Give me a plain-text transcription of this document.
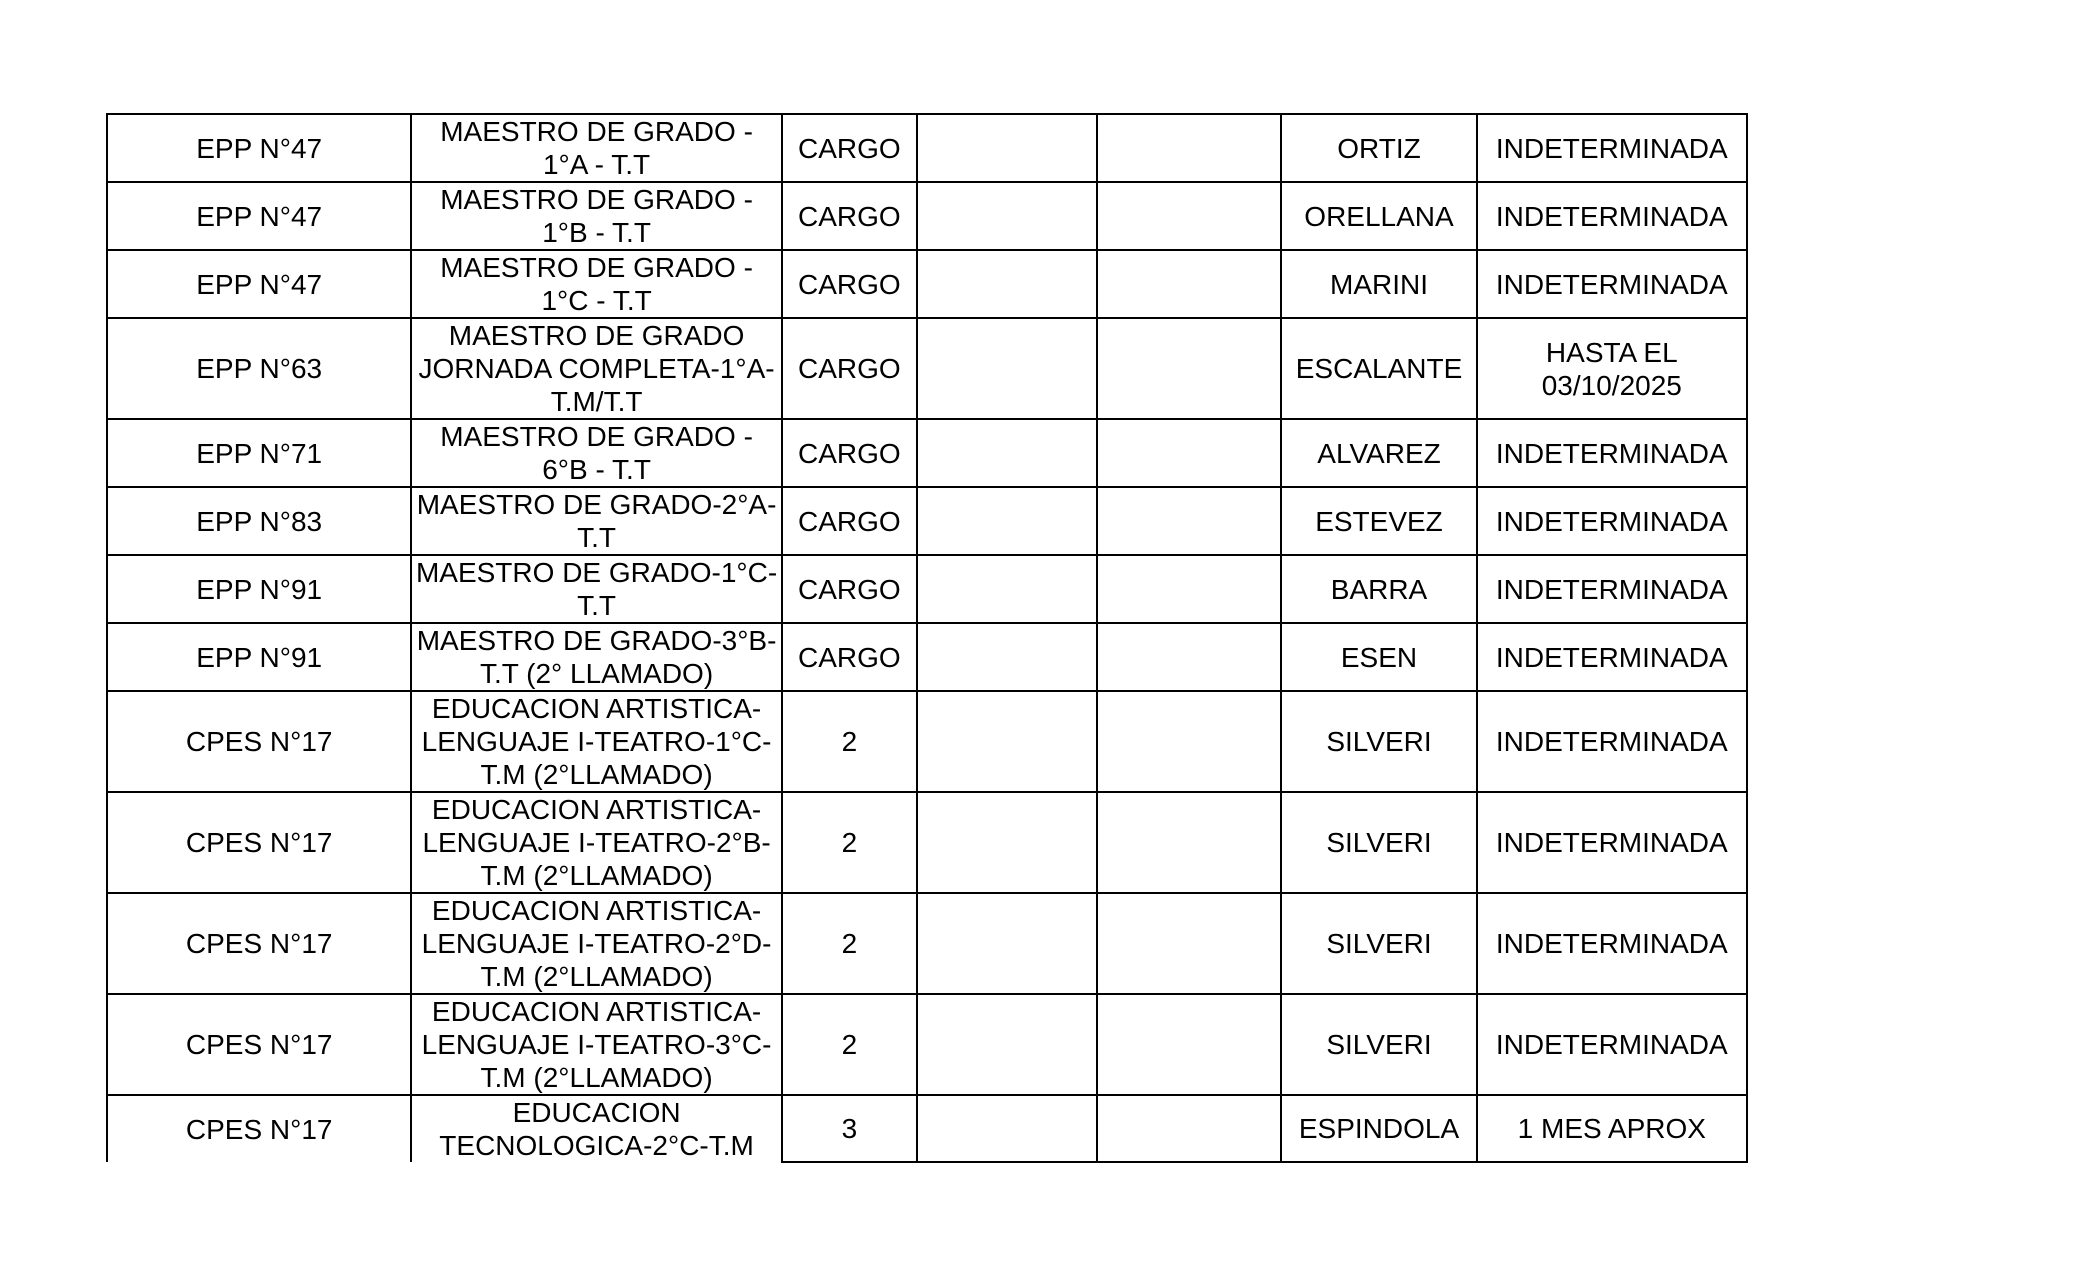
EPP N°47	MAESTRO DE GRADO - 1°A - T.T	CARGO			ORTIZ	INDETERMINADA
EPP N°47	MAESTRO DE GRADO - 1°B - T.T	CARGO			ORELLANA	INDETERMINADA
EPP N°47	MAESTRO DE GRADO - 1°C - T.T	CARGO			MARINI	INDETERMINADA
EPP N°63	MAESTRO DE GRADO JORNADA COMPLETA-1°A-T.M/T.T	CARGO			ESCALANTE	HASTA EL 03/10/2025
EPP N°71	MAESTRO DE GRADO - 6°B - T.T	CARGO			ALVAREZ	INDETERMINADA
EPP N°83	MAESTRO DE GRADO-2°A-T.T	CARGO			ESTEVEZ	INDETERMINADA
EPP N°91	MAESTRO DE GRADO-1°C-T.T	CARGO			BARRA	INDETERMINADA
EPP N°91	MAESTRO DE GRADO-3°B-T.T (2° LLAMADO)	CARGO			ESEN	INDETERMINADA
CPES N°17	EDUCACION ARTISTICA-LENGUAJE I-TEATRO-1°C-T.M (2°LLAMADO)	2			SILVERI	INDETERMINADA
CPES N°17	EDUCACION ARTISTICA-LENGUAJE I-TEATRO-2°B-T.M (2°LLAMADO)	2			SILVERI	INDETERMINADA
CPES N°17	EDUCACION ARTISTICA-LENGUAJE I-TEATRO-2°D-T.M (2°LLAMADO)	2			SILVERI	INDETERMINADA
CPES N°17	EDUCACION ARTISTICA-LENGUAJE I-TEATRO-3°C-T.M (2°LLAMADO)	2			SILVERI	INDETERMINADA
CPES N°17	EDUCACION TECNOLOGICA-2°C-T.M	3			ESPINDOLA	1 MES APROX
